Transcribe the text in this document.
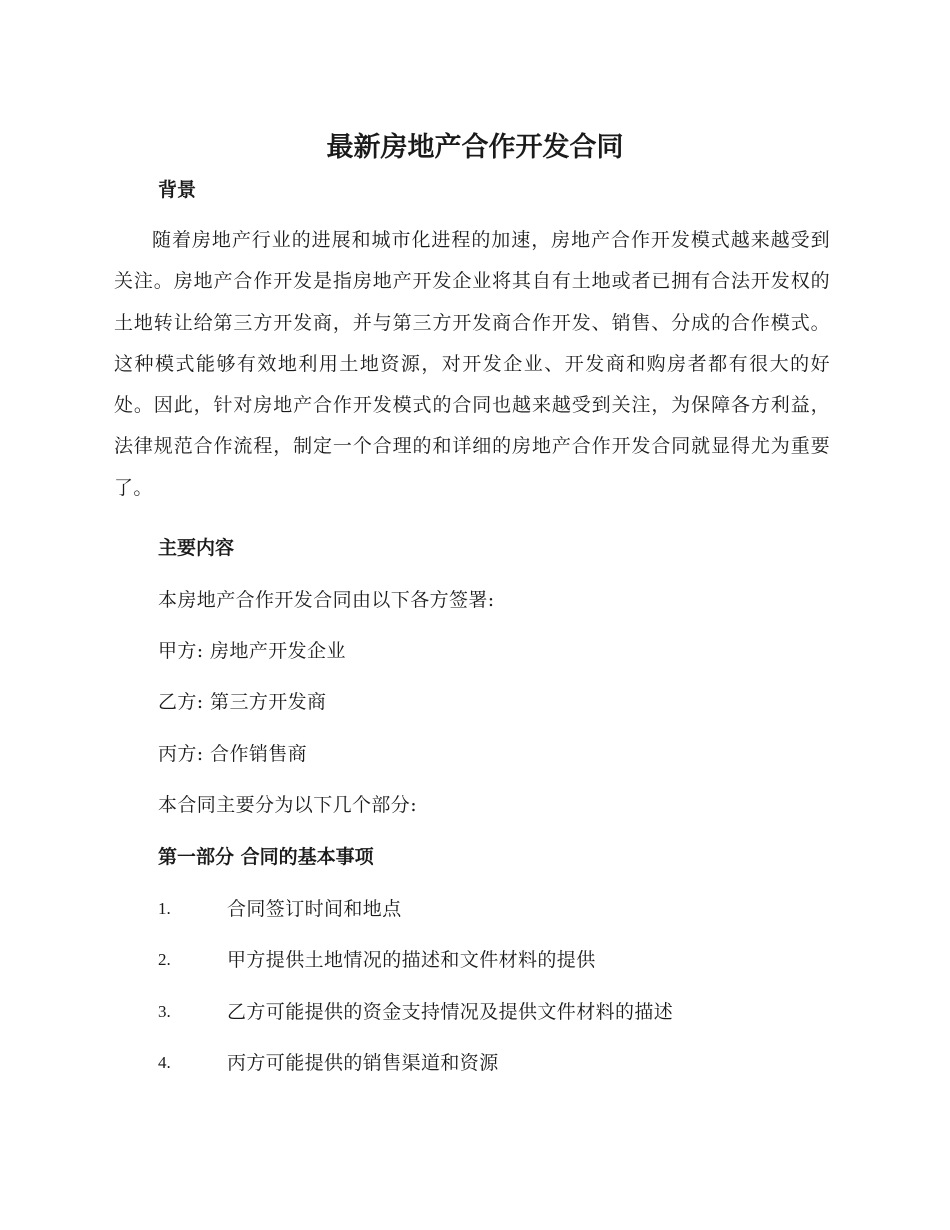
最新房地产合作开发合同
背景

随着房地产行业的进展和城市化进程的加速，房地产合作开发模式越来越受到关注。房地产合作开发是指房地产开发企业将其自有土地或者已拥有合法开发权的土地转让给第三方开发商，并与第三方开发商合作开发、销售、分成的合作模式。这种模式能够有效地利用土地资源，对开发企业、开发商和购房者都有很大的好处。因此，针对房地产合作开发模式的合同也越来越受到关注，为保障各方利益，法律规范合作流程，制定一个合理的和详细的房地产合作开发合同就显得尤为重要了。

主要内容

本房地产合作开发合同由以下各方签署:

甲方: 房地产开发企业

乙方: 第三方开发商

丙方: 合作销售商

本合同主要分为以下几个部分:

第一部分 合同的基本事项
1.	合同签订时间和地点
2.	甲方提供土地情况的描述和文件材料的提供
3.	乙方可能提供的资金支持情况及提供文件材料的描述
4.	丙方可能提供的销售渠道和资源
